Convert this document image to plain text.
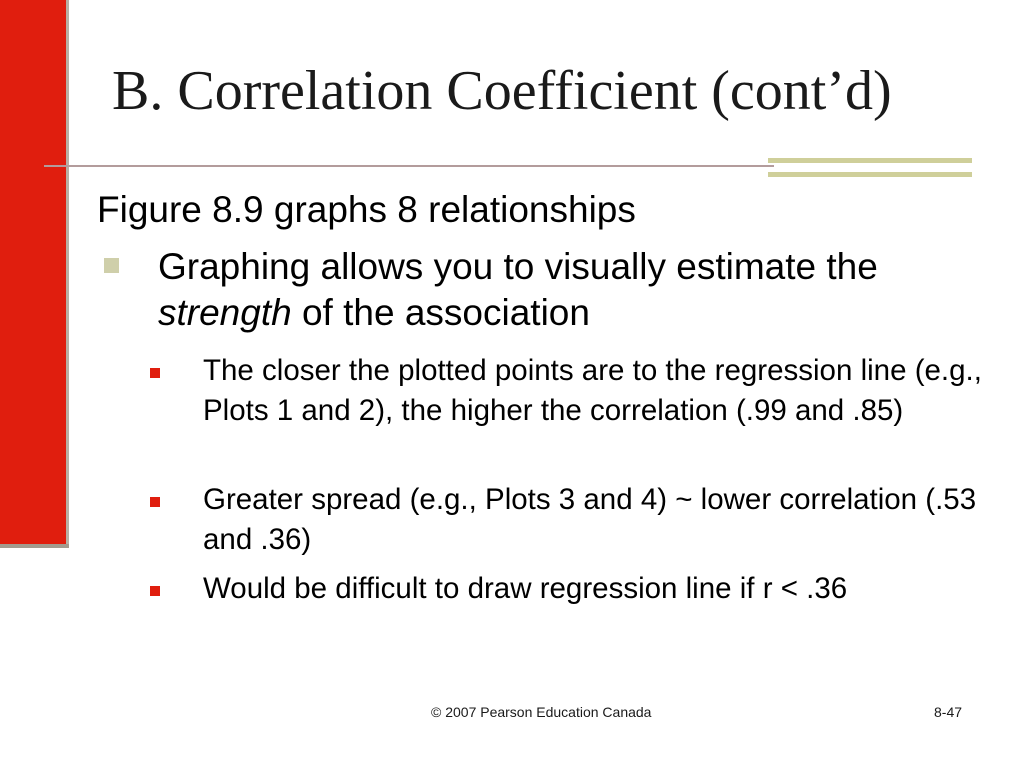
B. Correlation Coefficient (cont’d)
Figure 8.9 graphs 8 relationships
Graphing allows you to visually estimate the strength of the association
The closer the plotted points are to the regression line (e.g., Plots 1 and 2), the higher the correlation (.99 and .85)
Greater spread (e.g., Plots 3 and 4) ~ lower correlation (.53 and .36)
Would be difficult to draw regression line if r < .36
© 2007 Pearson Education Canada	8-47
